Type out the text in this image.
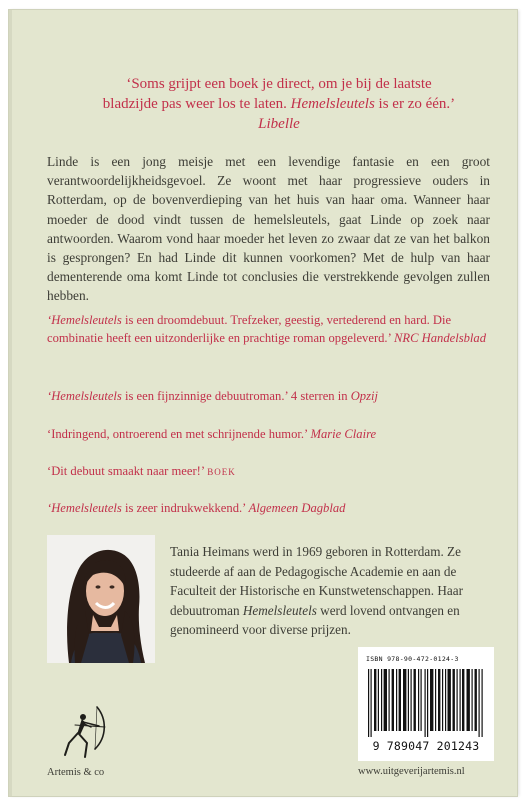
‘Soms grijpt een boek je direct, om je bij de laatste
bladzijde pas weer los te laten. Hemelsleutels is er zo één.’
Libelle
Linde is een jong meisje met een levendige fantasie en een groot verantwoordelijkheidsgevoel. Ze woont met haar progressieve ouders in Rotterdam, op de bovenverdieping van het huis van haar oma. Wanneer haar moeder de dood vindt tussen de hemelsleutels, gaat Linde op zoek naar antwoorden. Waarom vond haar moeder het leven zo zwaar dat ze van het balkon is gesprongen? En had Linde dit kunnen voorkomen? Met de hulp van haar dementerende oma komt Linde tot conclusies die verstrekkende gevolgen zullen hebben.
‘Hemelsleutels is een droomdebuut. Trefzeker, geestig, vertederend en hard. Die combinatie heeft een uitzonderlijke en prachtige roman opgeleverd.’ NRC Handelsblad
‘Hemelsleutels is een fijnzinnige debuutroman.’ 4 sterren in Opzij
‘Indringend, ontroerend en met schrijnende humor.’ Marie Claire
‘Dit debuut smaakt naar meer!’ BOEK
‘Hemelsleutels is zeer indrukwekkend.’ Algemeen Dagblad
Tania Heimans werd in 1969 geboren in Rotterdam. Ze studeerde af aan de Pedagogische Academie en aan de Faculteit der Historische en Kunstwetenschappen. Haar debuutroman Hemelsleutels werd lovend ontvangen en genomineerd voor diverse prijzen.
ISBN 978-90-472-0124-3
9 789047 201243
Artemis & co	www.uitgeverijartemis.nl
